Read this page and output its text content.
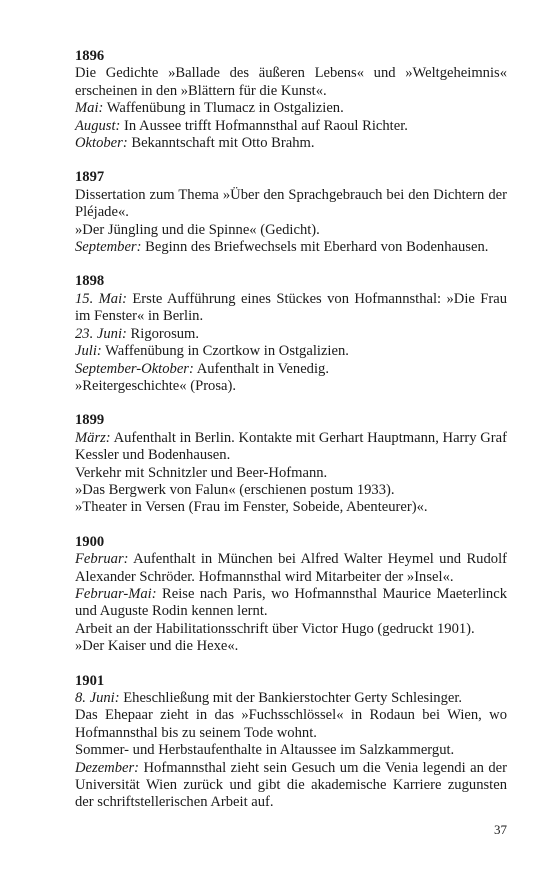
1896
Die Gedichte »Ballade des äußeren Lebens« und »Weltgeheimnis« erscheinen in den »Blättern für die Kunst«.
Mai: Waffenübung in Tlumacz in Ostgalizien.
August: In Aussee trifft Hofmannsthal auf Raoul Richter.
Oktober: Bekanntschaft mit Otto Brahm.
1897
Dissertation zum Thema »Über den Sprachgebrauch bei den Dichtern der Pléjade«.
»Der Jüngling und die Spinne« (Gedicht).
September: Beginn des Briefwechsels mit Eberhard von Bodenhausen.
1898
15. Mai: Erste Aufführung eines Stückes von Hofmannsthal: »Die Frau im Fenster« in Berlin.
23. Juni: Rigorosum.
Juli: Waffenübung in Czortkow in Ostgalizien.
September-Oktober: Aufenthalt in Venedig.
»Reitergeschichte« (Prosa).
1899
März: Aufenthalt in Berlin. Kontakte mit Gerhart Hauptmann, Harry Graf Kessler und Bodenhausen.
Verkehr mit Schnitzler und Beer-Hofmann.
»Das Bergwerk von Falun« (erschienen postum 1933).
»Theater in Versen (Frau im Fenster, Sobeide, Abenteurer)«.
1900
Februar: Aufenthalt in München bei Alfred Walter Heymel und Rudolf Alexander Schröder. Hofmannsthal wird Mitarbeiter der »Insel«.
Februar-Mai: Reise nach Paris, wo Hofmannsthal Maurice Maeterlinck und Auguste Rodin kennen lernt.
Arbeit an der Habilitationsschrift über Victor Hugo (gedruckt 1901).
»Der Kaiser und die Hexe«.
1901
8. Juni: Eheschließung mit der Bankierstochter Gerty Schlesinger.
Das Ehepaar zieht in das »Fuchsschlössel« in Rodaun bei Wien, wo Hofmannsthal bis zu seinem Tode wohnt.
Sommer- und Herbstaufenthalte in Altaussee im Salzkammergut.
Dezember: Hofmannsthal zieht sein Gesuch um die Venia legendi an der Universität Wien zurück und gibt die akademische Karriere zugunsten der schriftstellerischen Arbeit auf.
37
